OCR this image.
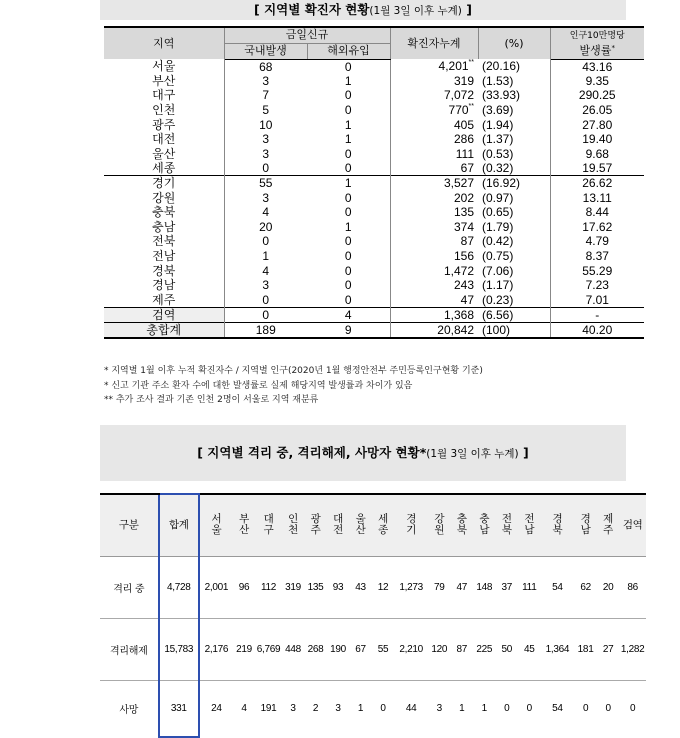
[ 지역별 확진자 현황(1월 3일 이후 누계) ]
지역	금일신규		확진자누계	(%)	인구10만명당
	국내발생	해외유입			발생률*
서울	68	0	4,201**	(20.16)	43.16
부산	3	1	319	(1.53)	9.35
대구	7	0	7,072	(33.93)	290.25
인천	5	0	770**	(3.69)	26.05
광주	10	1	405	(1.94)	27.80
대전	3	1	286	(1.37)	19.40
울산	3	0	111	(0.53)	9.68
세종	0	0	67	(0.32)	19.57
경기	55	1	3,527	(16.92)	26.62
강원	3	0	202	(0.97)	13.11
충북	4	0	135	(0.65)	8.44
충남	20	1	374	(1.79)	17.62
전북	0	0	87	(0.42)	4.79
전남	1	0	156	(0.75)	8.37
경북	4	0	1,472	(7.06)	55.29
경남	3	0	243	(1.17)	7.23
제주	0	0	47	(0.23)	7.01
검역	0	4	1,368	(6.56)	-
총합계	189	9	20,842	(100)	40.20
* 지역별 1월 이후 누적 확진자수 / 지역별 인구(2020년 1월 행정안전부 주민등록인구현황 기준)
* 신고 기관 주소 환자 수에 대한 발생률로 실제 해당지역 발생률과 차이가 있음
** 추가 조사 결과 기존 인천 2명이 서울로 지역 재분류
[ 지역별 격리 중, 격리해제, 사망자 현황*(1월 3일 이후 누계) ]
구분	합계	서울	부산	대구	인천	광주	대전	울산	세종	경기	강원	충북	충남	전북	전남	경북	경남	제주	검역
격리 중	4,728	2,001	96	112	319	135	93	43	12	1,273	79	47	148	37	111	54	62	20	86
격리해제	15,783	2,176	219	6,769	448	268	190	67	55	2,210	120	87	225	50	45	1,364	181	27	1,282
사망	331	24	4	191	3	2	3	1	0	44	3	1	1	0	0	54	0	0	0
